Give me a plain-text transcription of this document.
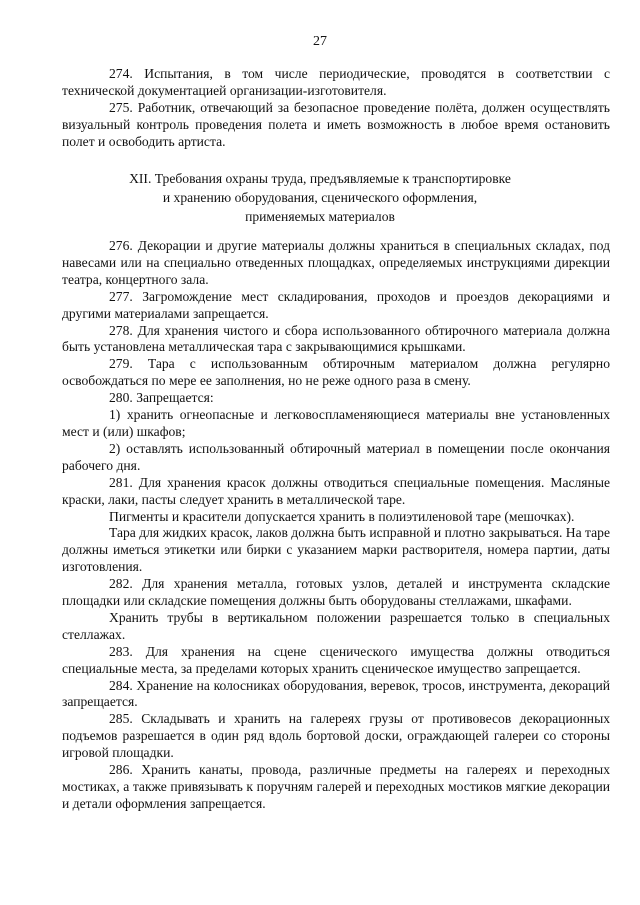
27

274. Испытания, в том числе периодические, проводятся в соответствии с технической документацией организации-изготовителя.

275. Работник, отвечающий за безопасное проведение полёта, должен осуществлять визуальный контроль проведения полета и иметь возможность в любое время остановить полет и освободить артиста.

XII. Требования охраны труда, предъявляемые к транспортировке
и хранению оборудования, сценического оформления,
применяемых материалов

276. Декорации и другие материалы должны храниться в специальных складах, под навесами или на специально отведенных площадках, определяемых инструкциями дирекции театра, концертного зала.

277. Загромождение мест складирования, проходов и проездов декорациями и другими материалами запрещается.

278. Для хранения чистого и сбора использованного обтирочного материала должна быть установлена металлическая тара с закрывающимися крышками.

279. Тара с использованным обтирочным материалом должна регулярно освобождаться по мере ее заполнения, но не реже одного раза в смену.

280. Запрещается:

1) хранить огнеопасные и легковоспламеняющиеся материалы вне установленных мест и (или) шкафов;

2) оставлять использованный обтирочный материал в помещении после окончания рабочего дня.

281. Для хранения красок должны отводиться специальные помещения. Масляные краски, лаки, пасты следует хранить в металлической таре.

Пигменты и красители допускается хранить в полиэтиленовой таре (мешочках).

Тара для жидких красок, лаков должна быть исправной и плотно закрываться. На таре должны иметься этикетки или бирки с указанием марки растворителя, номера партии, даты изготовления.

282. Для хранения металла, готовых узлов, деталей и инструмента складские площадки или складские помещения должны быть оборудованы стеллажами, шкафами.

Хранить трубы в вертикальном положении разрешается только в специальных стеллажах.

283. Для хранения на сцене сценического имущества должны отводиться специальные места, за пределами которых хранить сценическое имущество запрещается.

284. Хранение на колосниках оборудования, веревок, тросов, инструмента, декораций запрещается.

285. Складывать и хранить на галереях грузы от противовесов декорационных подъемов разрешается в один ряд вдоль бортовой доски, ограждающей галереи со стороны игровой площадки.

286. Хранить канаты, провода, различные предметы на галереях и переходных мостиках, а также привязывать к поручням галерей и переходных мостиков мягкие декорации и детали оформления запрещается.
